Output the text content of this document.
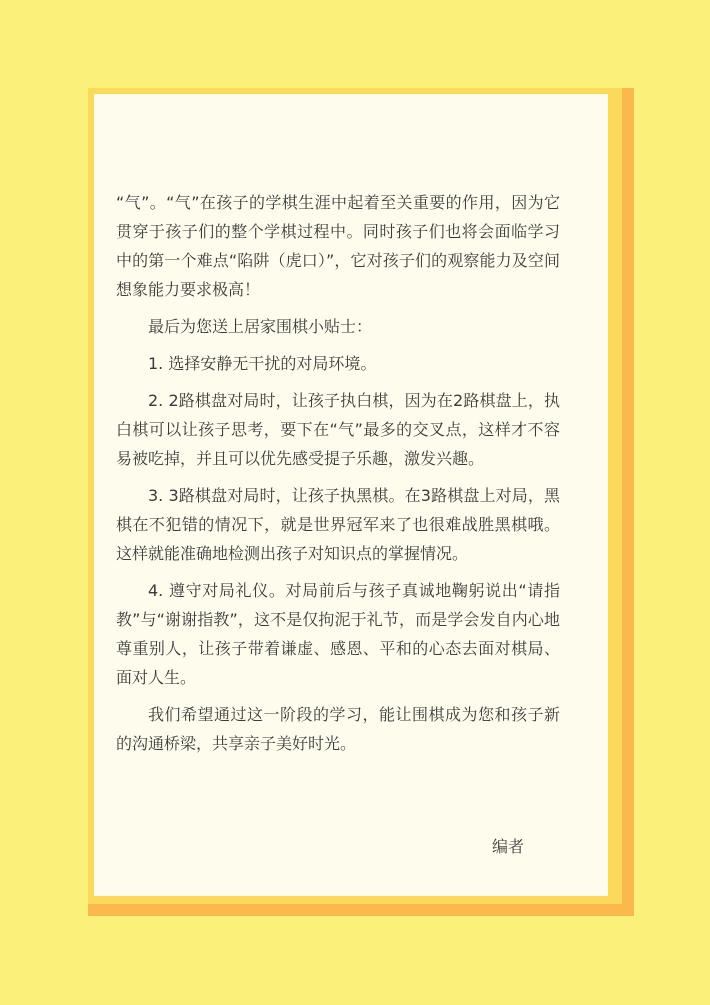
“气”。“气”在孩子的学棋生涯中起着至关重要的作用，因为它贯穿于孩子们的整个学棋过程中。同时孩子们也将会面临学习中的第一个难点“陷阱（虎口）”，它对孩子们的观察能力及空间想象能力要求极高！

最后为您送上居家围棋小贴士：

1. 选择安静无干扰的对局环境。

2. 2路棋盘对局时，让孩子执白棋，因为在2路棋盘上，执白棋可以让孩子思考，要下在“气”最多的交叉点，这样才不容易被吃掉，并且可以优先感受提子乐趣，激发兴趣。

3. 3路棋盘对局时，让孩子执黑棋。在3路棋盘上对局，黑棋在不犯错的情况下，就是世界冠军来了也很难战胜黑棋哦。这样就能准确地检测出孩子对知识点的掌握情况。

4. 遵守对局礼仪。对局前后与孩子真诚地鞠躬说出“请指教”与“谢谢指教”，这不是仅拘泥于礼节，而是学会发自内心地尊重别人，让孩子带着谦虚、感恩、平和的心态去面对棋局、面对人生。

我们希望通过这一阶段的学习，能让围棋成为您和孩子新的沟通桥梁，共享亲子美好时光。

编者
